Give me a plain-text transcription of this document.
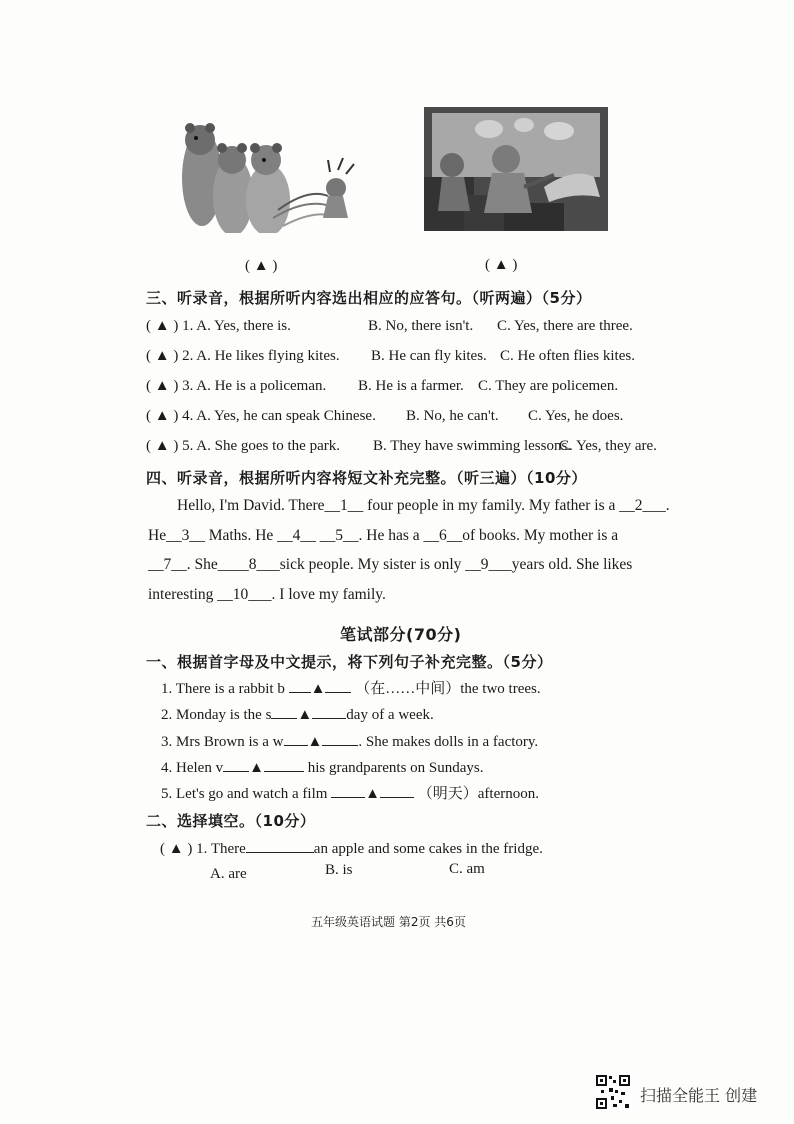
( ▲ )	( ▲ )
三、听录音，根据所听内容选出相应的应答句。（听两遍）（5分）
( ▲ ) 1. A. Yes, there is.	B. No, there isn't. C. Yes, there are three.
( ▲ ) 2. A. He likes flying kites. B. He can fly kites. C. He often flies kites.
( ▲ ) 3. A. He is a policeman. B. He is a farmer. C. They are policemen.
( ▲ ) 4. A. Yes, he can speak Chinese. B. No, he can't. C. Yes, he does.
( ▲ ) 5. A. She goes to the park. B. They have swimming lessons.
C. Yes, they are.
四、听录音，根据所听内容将短文补充完整。（听三遍）（10分）
Hello, I'm David. There__1__ four people in my family. My father is a __2___.
He__3__ Maths. He __4__ __5__. He has a __6__of books. My mother is a
__7__. She____8___sick people. My sister is only __9___years old. She likes
interesting __10___. I love my family.
笔试部分(70分)
一、根据首字母及中文提示，将下列句子补充完整。（5分）
1. There is a rabbit b ▲ （在……中间）the two trees.
2. Monday is the s ▲ day of a week.
3. Mrs Brown is a w ▲ . She makes dolls in a factory.
4. Helen v ▲	his grandparents on Sundays.
5. Let's go and watch a film	▲	（明天）afternoon.
二、选择填空。（10分）
( ▲ ) 1. There	an apple and some cakes in the fridge.
A. are	B. is	C. am
五年级英语试题 第2页 共6页
扫描全能王 创建
